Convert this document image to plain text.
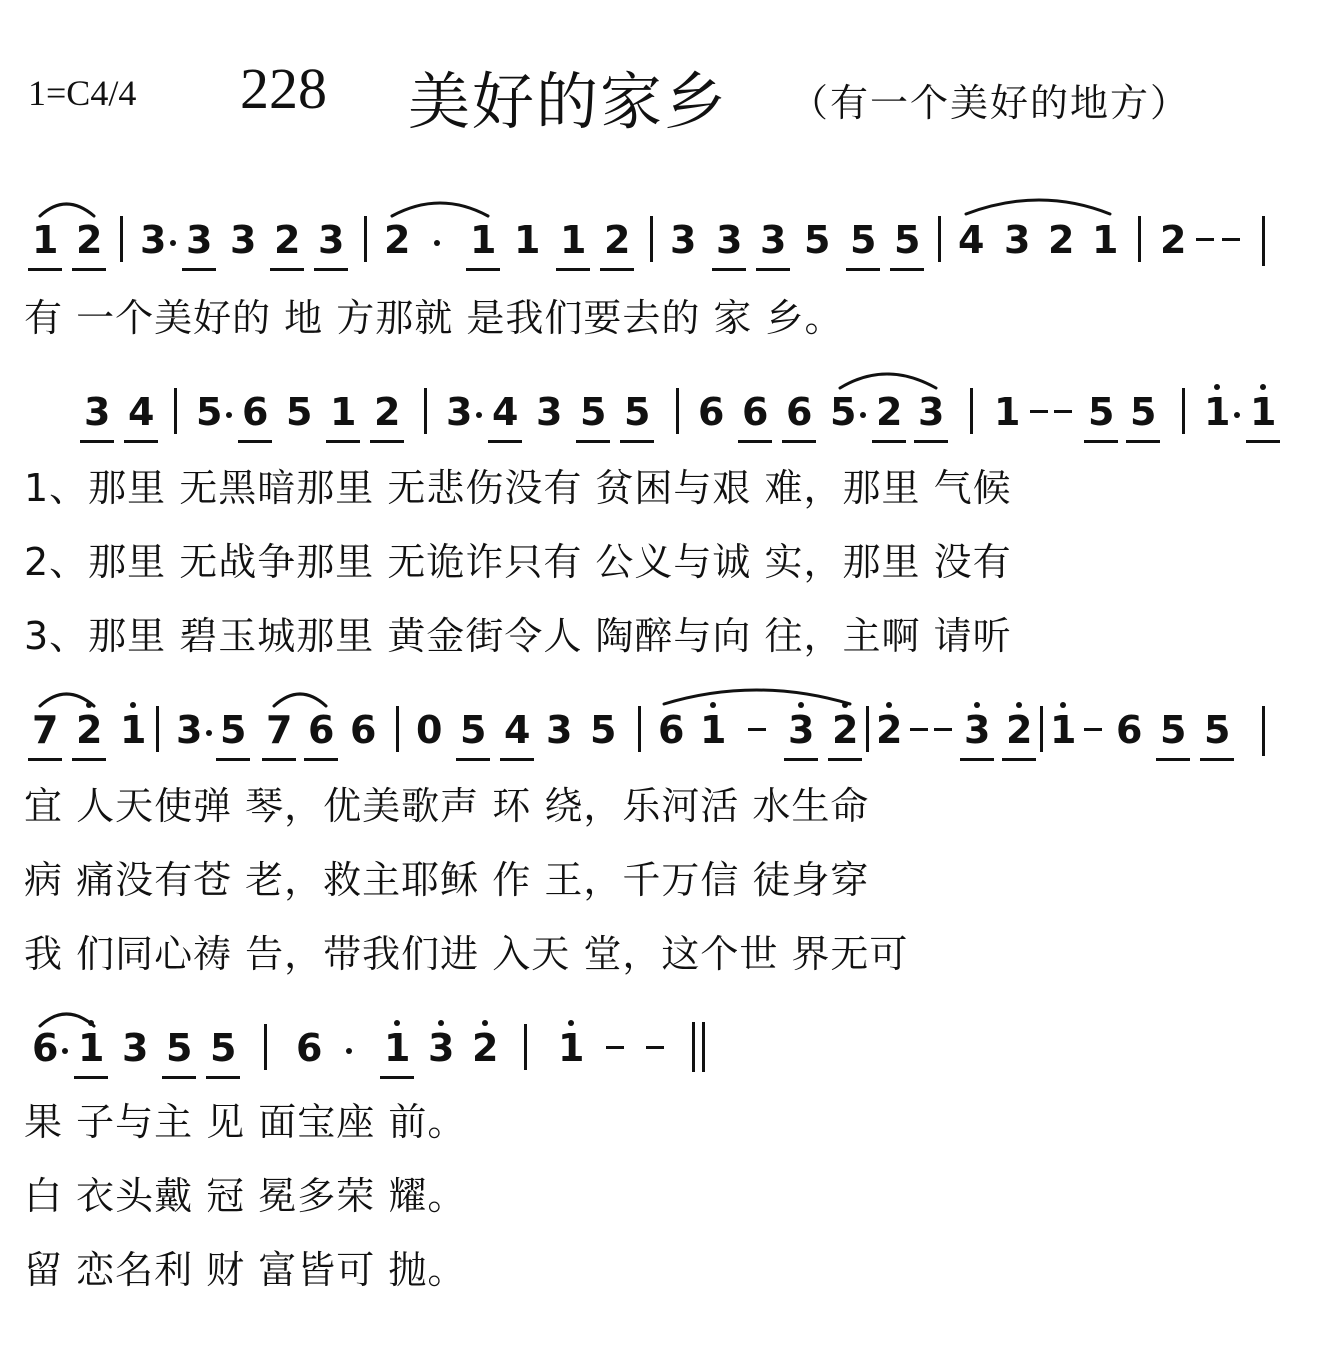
1=C4/4 228 美好的家乡 （有一个美好的地方）
1 2 3 3 3 2 3 2 1 1 1 2 3 3 3 5 5 5 4 3 2 1 2
有 一个美好的 地 方那就 是我们要去的 家 乡。
3 4 5 6 5 1 2 3 4 3 5 5 6 6 6 5 2 3 1 5 5 1 1
1、那里 无黑暗那里 无悲伤没有 贫困与艰 难，那里 气候
2、那里 无战争那里 无诡诈只有 公义与诚 实，那里 没有
3、那里 碧玉城那里 黄金街令人 陶醉与向 往，主啊 请听
7 2 1 3 5 7 6 6 0 5 4 3 5 6 1 3 2 2 3 2 1 6 5 5
宜 人天使弹 琴，优美歌声 环 绕，乐河活 水生命
病 痛没有苍 老，救主耶稣 作 王，千万信 徒身穿
我 们同心祷 告，带我们进 入天 堂，这个世 界无可
6 1 3 5 5 6 1 3 2 1
果 子与主 见 面宝座 前。
白 衣头戴 冠 冕多荣 耀。
留 恋名利 财 富皆可 抛。
